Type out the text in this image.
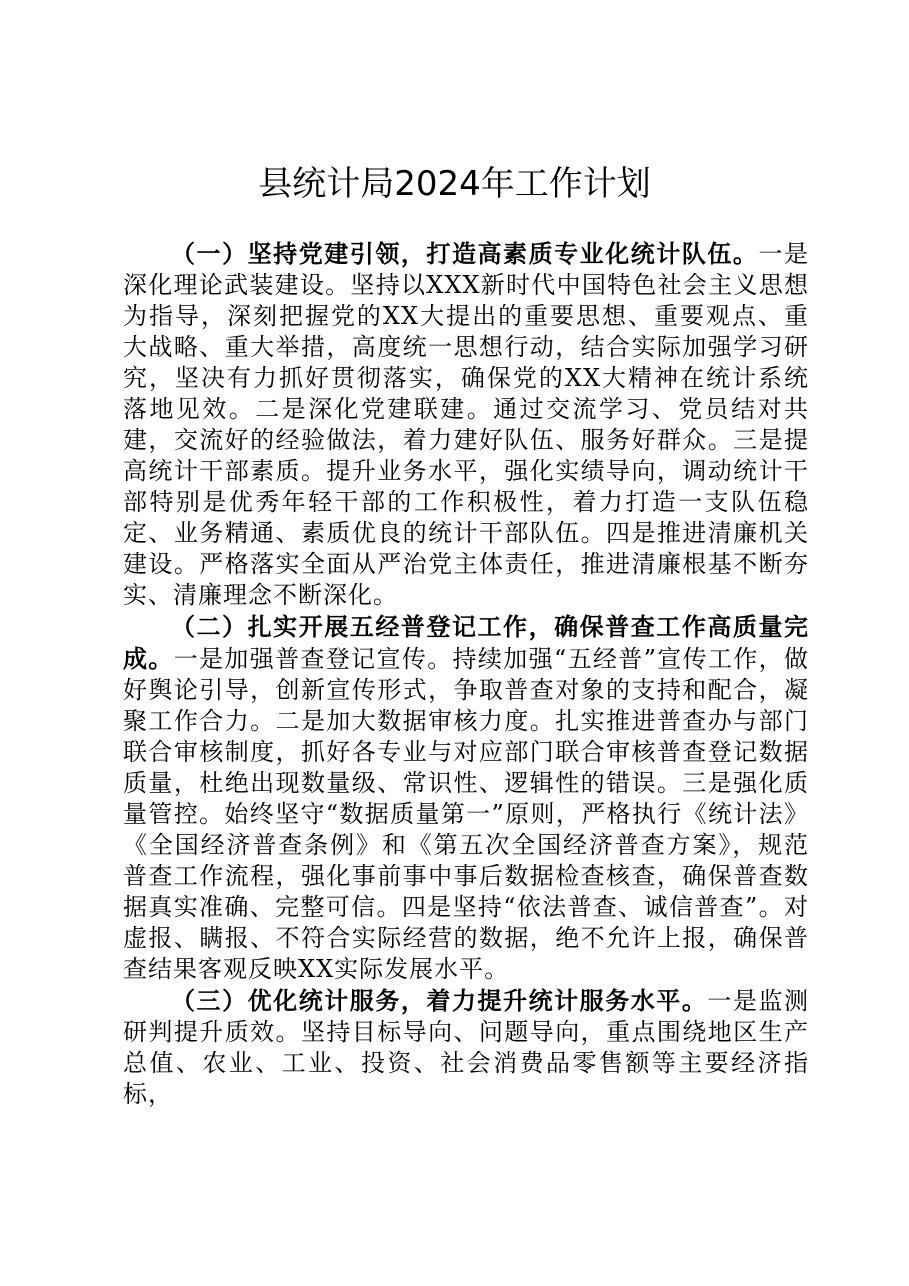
县统计局2024年工作计划

（一）坚持党建引领，打造高素质专业化统计队伍。一是深化理论武装建设。坚持以XXX新时代中国特色社会主义思想为指导，深刻把握党的XX大提出的重要思想、重要观点、重大战略、重大举措，高度统一思想行动，结合实际加强学习研究，坚决有力抓好贯彻落实，确保党的XX大精神在统计系统落地见效。二是深化党建联建。通过交流学习、党员结对共建，交流好的经验做法，着力建好队伍、服务好群众。三是提高统计干部素质。提升业务水平，强化实绩导向，调动统计干部特别是优秀年轻干部的工作积极性，着力打造一支队伍稳定、业务精通、素质优良的统计干部队伍。四是推进清廉机关建设。严格落实全面从严治党主体责任，推进清廉根基不断夯实、清廉理念不断深化。

（二）扎实开展五经普登记工作，确保普查工作高质量完成。一是加强普查登记宣传。持续加强“五经普”宣传工作，做好舆论引导，创新宣传形式，争取普查对象的支持和配合，凝聚工作合力。二是加大数据审核力度。扎实推进普查办与部门联合审核制度，抓好各专业与对应部门联合审核普查登记数据质量，杜绝出现数量级、常识性、逻辑性的错误。三是强化质量管控。始终坚守“数据质量第一”原则，严格执行《统计法》《全国经济普查条例》和《第五次全国经济普查方案》，规范普查工作流程，强化事前事中事后数据检查核查，确保普查数据真实准确、完整可信。四是坚持“依法普查、诚信普查”。对虚报、瞒报、不符合实际经营的数据，绝不允许上报，确保普查结果客观反映XX实际发展水平。

（三）优化统计服务，着力提升统计服务水平。一是监测研判提升质效。坚持目标导向、问题导向，重点围绕地区生产总值、农业、工业、投资、社会消费品零售额等主要经济指标，
